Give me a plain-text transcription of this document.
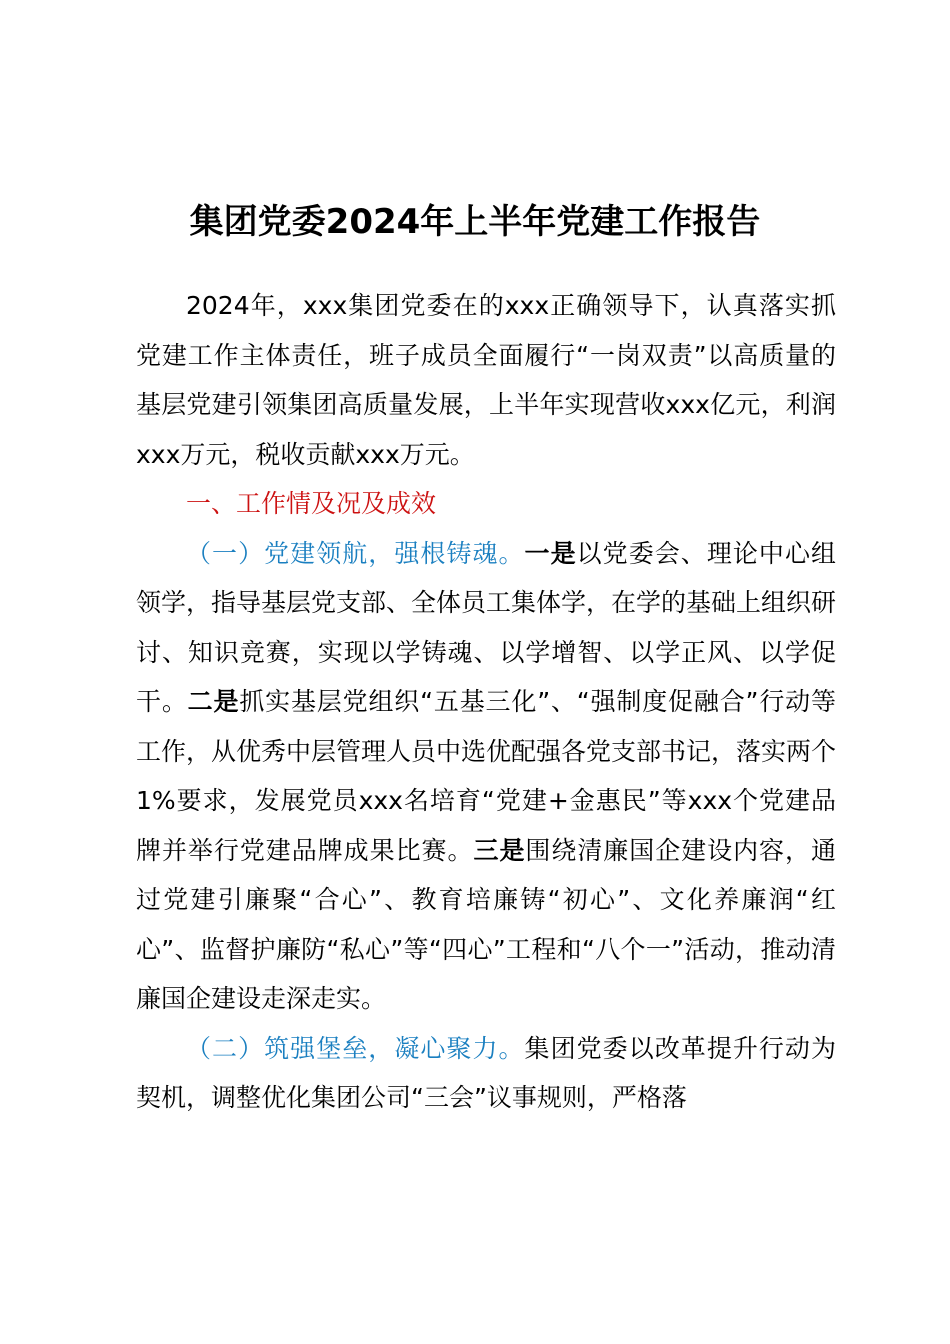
集团党委2024年上半年党建工作报告

2024年，xxx集团党委在的xxx正确领导下，认真落实抓党建工作主体责任，班子成员全面履行“一岗双责”以高质量的基层党建引领集团高质量发展，上半年实现营收xxx亿元，利润xxx万元，税收贡献xxx万元。

一、工作情及况及成效

（一）党建领航，强根铸魂。一是以党委会、理论中心组领学，指导基层党支部、全体员工集体学，在学的基础上组织研讨、知识竞赛，实现以学铸魂、以学增智、以学正风、以学促干。二是抓实基层党组织“五基三化”、“强制度促融合”行动等工作，从优秀中层管理人员中选优配强各党支部书记，落实两个1%要求，发展党员xxx名培育“党建+金惠民”等xxx个党建品牌并举行党建品牌成果比赛。三是围绕清廉国企建设内容，通过党建引廉聚“合心”、教育培廉铸“初心”、文化养廉润“红心”、监督护廉防“私心”等“四心”工程和“八个一”活动，推动清廉国企建设走深走实。

（二）筑强堡垒，凝心聚力。集团党委以改革提升行动为契机，调整优化集团公司“三会”议事规则，严格落
